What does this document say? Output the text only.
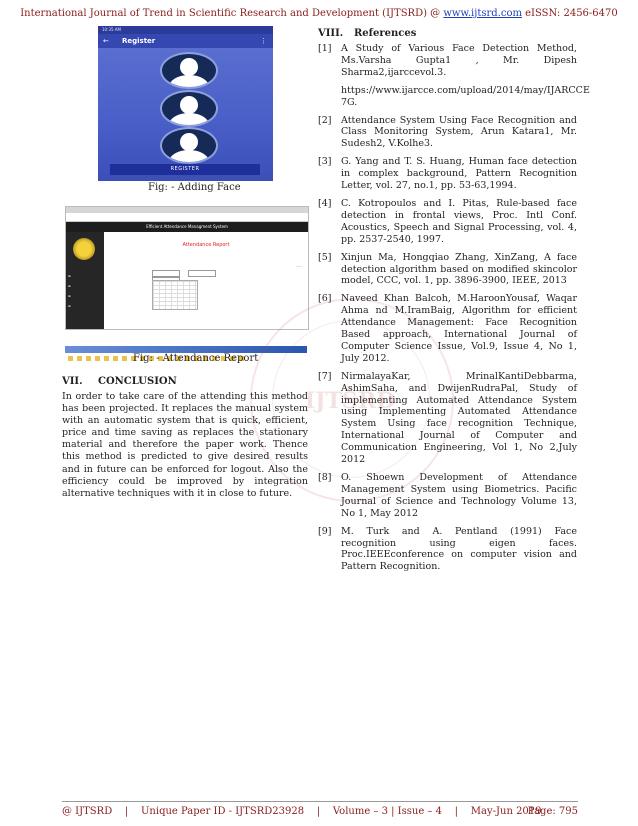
International Journal of Trend in Scientific Research and Development (IJTSRD) @ www.ijtsrd.com eISSN: 2456-6470
10:35 AM
← Register	⋮
REGISTER
Fig: - Adding Face
Efficient Attendance Managment System
▬
▬
▬
▬
Attendance Report
——
Fig: - Attendance Report
VII. CONCLUSION
In order to take care of the attending this method has been projected. It replaces the manual system with an automatic system that is quick, efficient, price and time saving as replaces the stationary material and therefore the paper work. Thence this method is predicted to give desired results and in future can be enforced for logout. Also the efficiency could be improved by integration alternative techniques with it in close to future.
IJTSRD
VIII. References
[1] A Study of Various Face Detection Method, Ms.Varsha Gupta1 , Mr. Dipesh Sharma2,ijarccevol.3.
https://www.ijarcce.com/upload/2014/may/IJARCCE 7G.
[2] Attendance System Using Face Recognition and Class Monitoring System, Arun Katara1, Mr. Sudesh2, V.Kolhe3.
[3] G. Yang and T. S. Huang, Human face detection in complex background, Pattern Recognition Letter, vol. 27, no.1, pp. 53-63,1994.
[4] C. Kotropoulos and I. Pitas, Rule-based face detection in frontal views, Proc. Intl Conf. Acoustics, Speech and Signal Processing, vol. 4, pp. 2537-2540, 1997.
[5] Xinjun Ma, Hongqiao Zhang, XinZang, A face detection algorithm based on modified skincolor model, CCC, vol. 1, pp. 3896-3900, IEEE, 2013
[6] Naveed Khan Balcoh, M.HaroonYousaf, Waqar Ahma nd M.IramBaig, Algorithm for efficient Attendance Management: Face Recognition Based approach, International Journal of Computer Science Issue, Vol.9, Issue 4, No 1, July 2012.
[7] NirmalayaKar, MrinalKantiDebbarma, AshimSaha, and DwijenRudraPal, Study of implementing Automated Attendance System using Implementing Automated Attendance System Using face recognition Technique, International Journal of Computer and Communication Engineering, Vol 1, No 2,July 2012
[8] O. Shoewn Development of Attendance Management System using Biometrics. Pacific Journal of Science and Technology Volume 13, No 1, May 2012
[9] M. Turk and A. Pentland (1991) Face recognition using eigen faces. Proc.IEEEconference on computer vision and Pattern Recognition.
@ IJTSRD    |    Unique Paper ID - IJTSRD23928    |    Volume – 3 | Issue – 4    |    May-Jun 2019
Page: 795
